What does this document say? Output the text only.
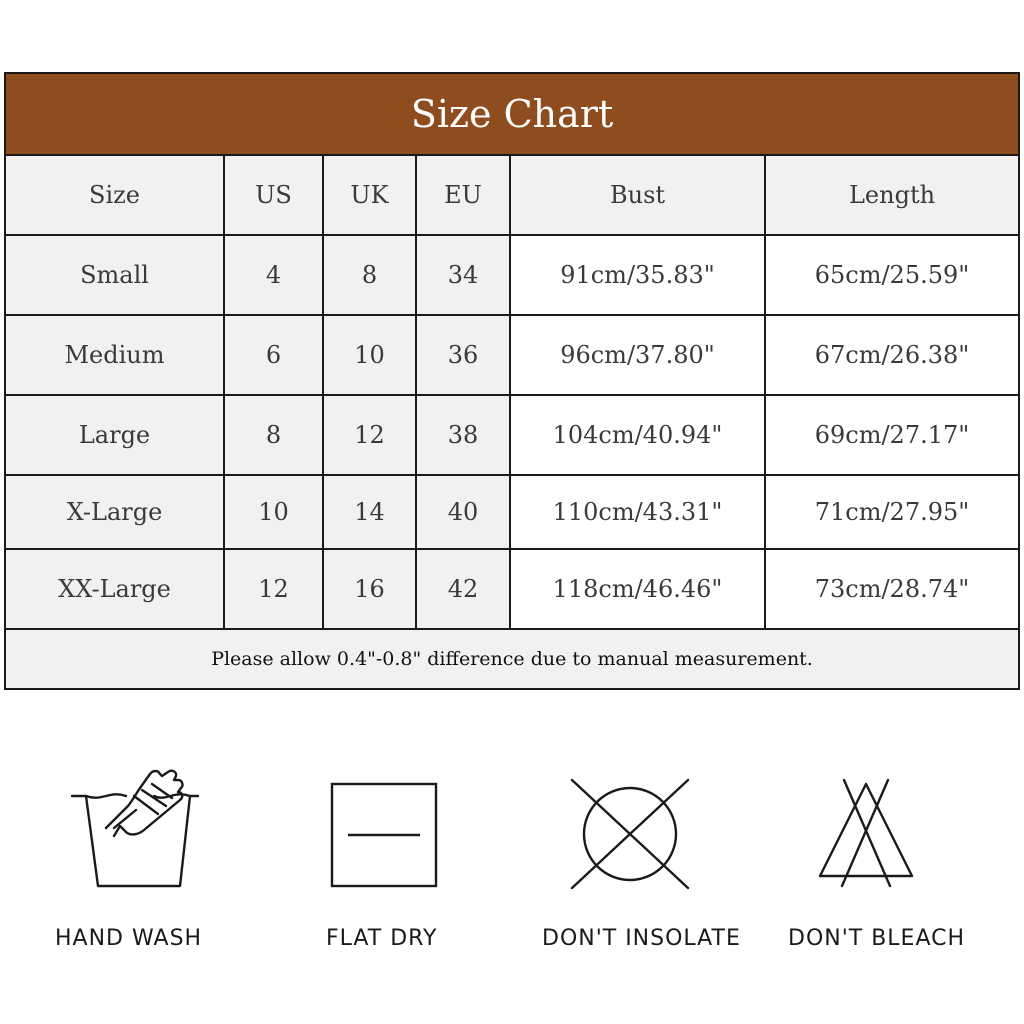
Size Chart					
Size	US	UK	EU	Bust	Length
Small	4	8	34	91cm/35.83"	65cm/25.59"
Medium	6	10	36	96cm/37.80"	67cm/26.38"
Large	8	12	38	104cm/40.94"	69cm/27.17"
X-Large	10	14	40	110cm/43.31"	71cm/27.95"
XX-Large	12	16	42	118cm/46.46"	73cm/28.74"
Please allow 0.4"-0.8" difference due to manual measurement.					
HAND WASH	FLAT DRY	DON'T INSOLATE DON'T BLEACH
